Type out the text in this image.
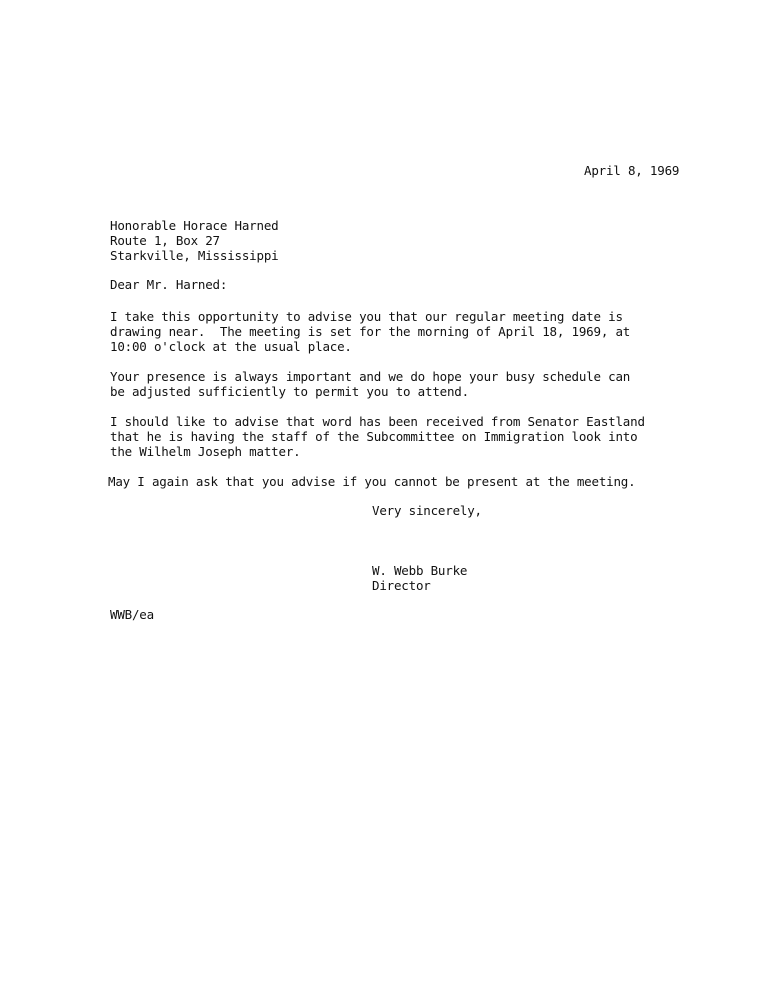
April 8, 1969
Honorable Horace Harned
Route 1, Box 27
Starkville, Mississippi
Dear Mr. Harned:
I take this opportunity to advise you that our regular meeting date is
drawing near.  The meeting is set for the morning of April 18, 1969, at
10:00 o'clock at the usual place.
Your presence is always important and we do hope your busy schedule can
be adjusted sufficiently to permit you to attend.
I should like to advise that word has been received from Senator Eastland
that he is having the staff of the Subcommittee on Immigration look into
the Wilhelm Joseph matter.
May I again ask that you advise if you cannot be present at the meeting.
Very sincerely,
W. Webb Burke
Director
WWB/ea
